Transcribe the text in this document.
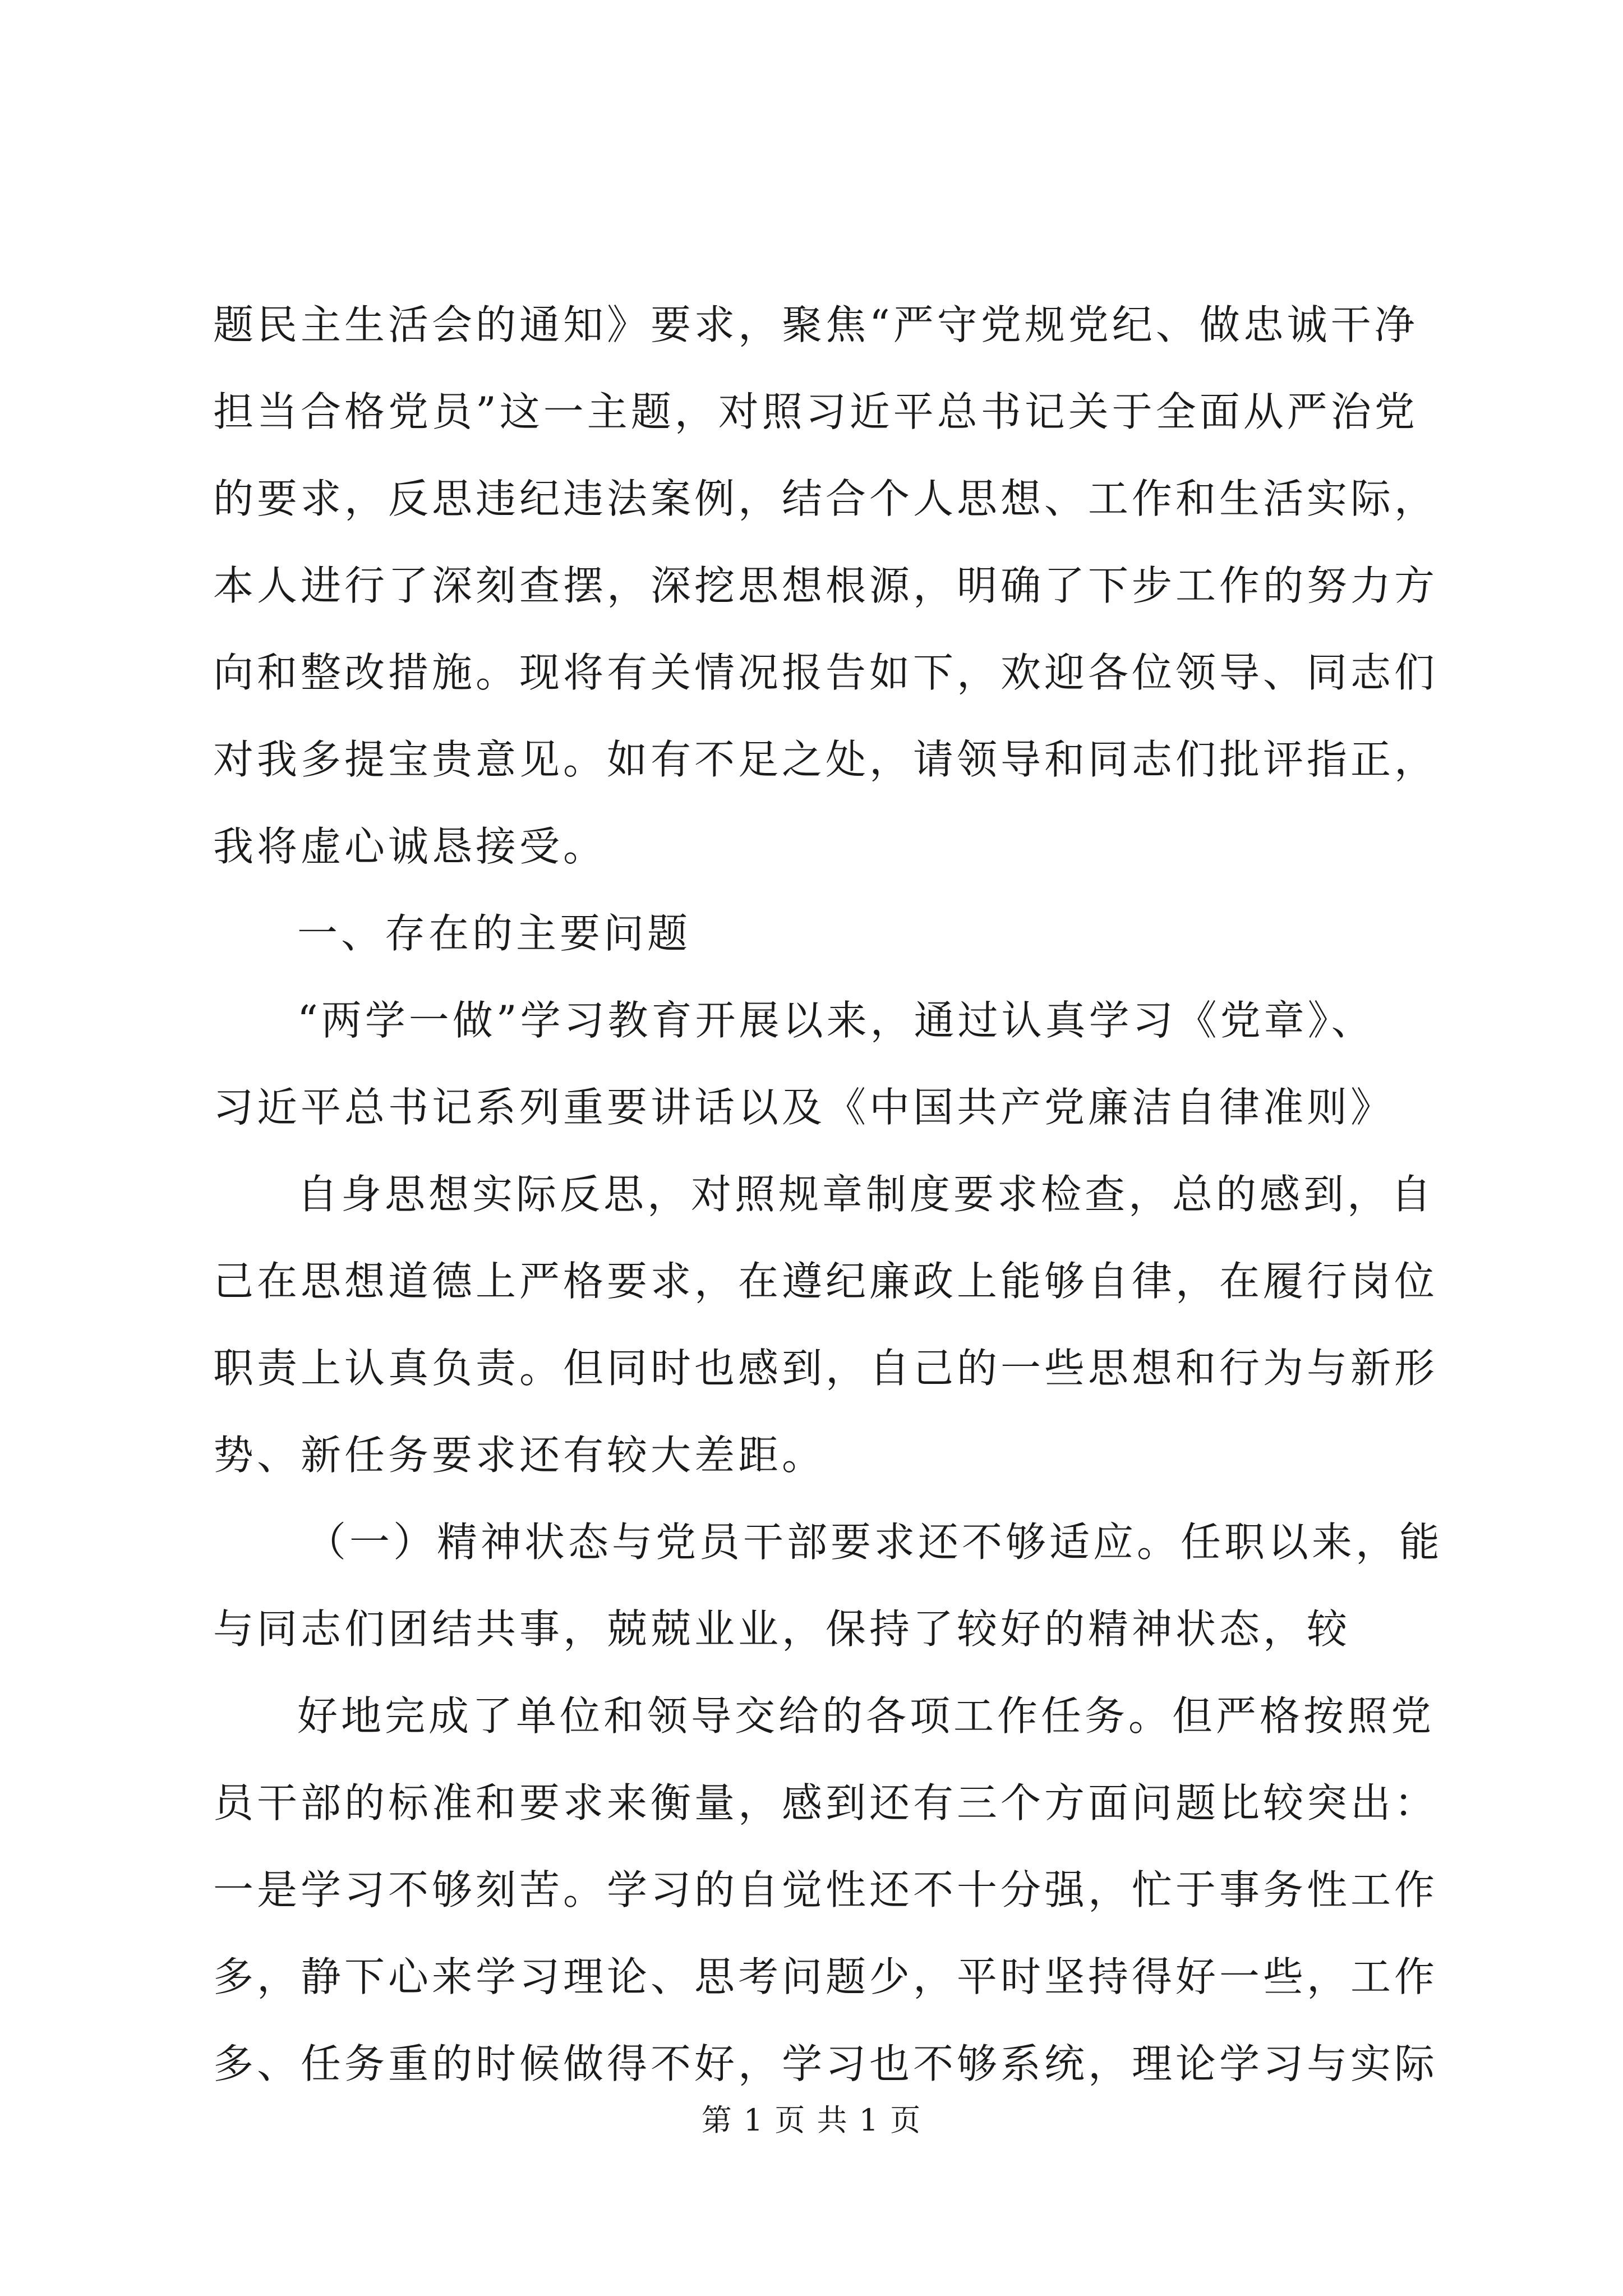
题民主生活会的通知》要求，聚焦“严守党规党纪、做忠诚干净
担当合格党员”这一主题，对照习近平总书记关于全面从严治党
的要求，反思违纪违法案例，结合个人思想、工作和生活实际，
本人进行了深刻查摆，深挖思想根源，明确了下步工作的努力方
向和整改措施。现将有关情况报告如下，欢迎各位领导、同志们
对我多提宝贵意见。如有不足之处，请领导和同志们批评指正，
我将虚心诚恳接受。
一、存在的主要问题
“两学一做”学习教育开展以来，通过认真学习《党章》、
习近平总书记系列重要讲话以及《中国共产党廉洁自律准则》
自身思想实际反思，对照规章制度要求检查，总的感到，自
己在思想道德上严格要求，在遵纪廉政上能够自律，在履行岗位
职责上认真负责。但同时也感到，自己的一些思想和行为与新形
势、新任务要求还有较大差距。
（一）精神状态与党员干部要求还不够适应。任职以来，能
与同志们团结共事，兢兢业业，保持了较好的精神状态，较
好地完成了单位和领导交给的各项工作任务。但严格按照党
员干部的标准和要求来衡量，感到还有三个方面问题比较突出：
一是学习不够刻苦。学习的自觉性还不十分强，忙于事务性工作
多，静下心来学习理论、思考问题少，平时坚持得好一些，工作
多、任务重的时候做得不好，学习也不够系统，理论学习与实际
第 1 页 共 1 页
